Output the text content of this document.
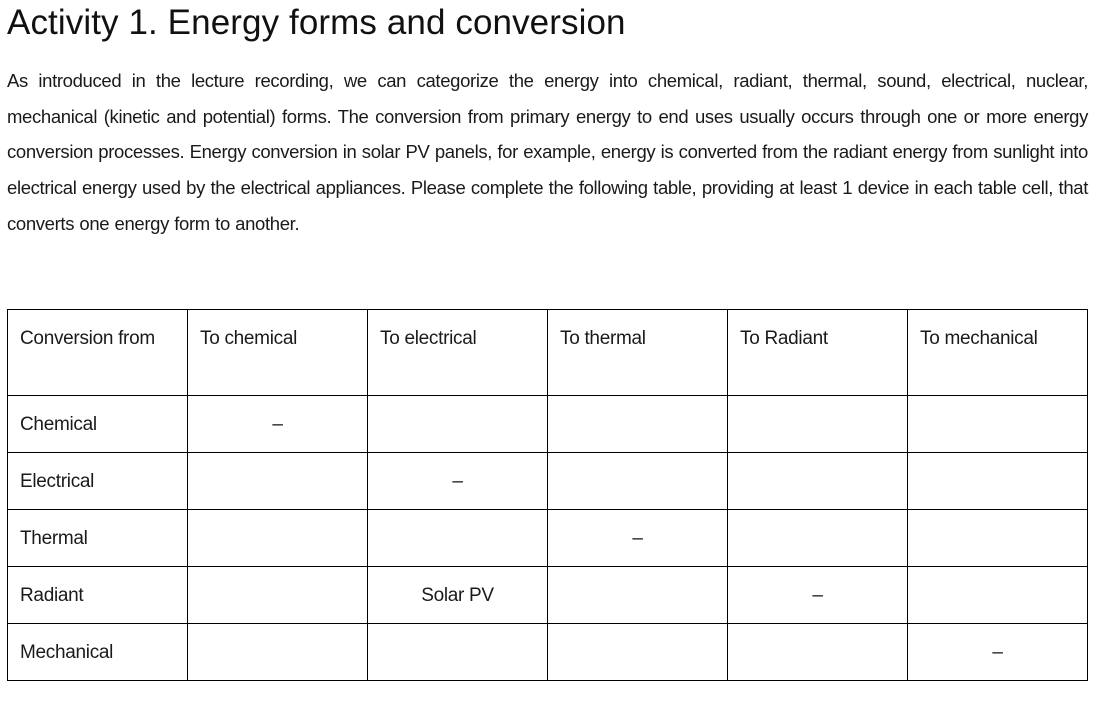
Activity 1. Energy forms and conversion

As introduced in the lecture recording, we can categorize the energy into chemical, radiant, thermal, sound, electrical, nuclear, mechanical (kinetic and potential) forms. The conversion from primary energy to end uses usually occurs through one or more energy conversion processes. Energy conversion in solar PV panels, for example, energy is converted from the radiant energy from sunlight into electrical energy used by the electrical appliances. Please complete the following table, providing at least 1 device in each table cell, that converts one energy form to another.

Conversion from	To chemical	To electrical	To thermal	To Radiant	To mechanical
Chemical	–				
Electrical		–			
Thermal			–		
Radiant		Solar PV		–	
Mechanical					–
